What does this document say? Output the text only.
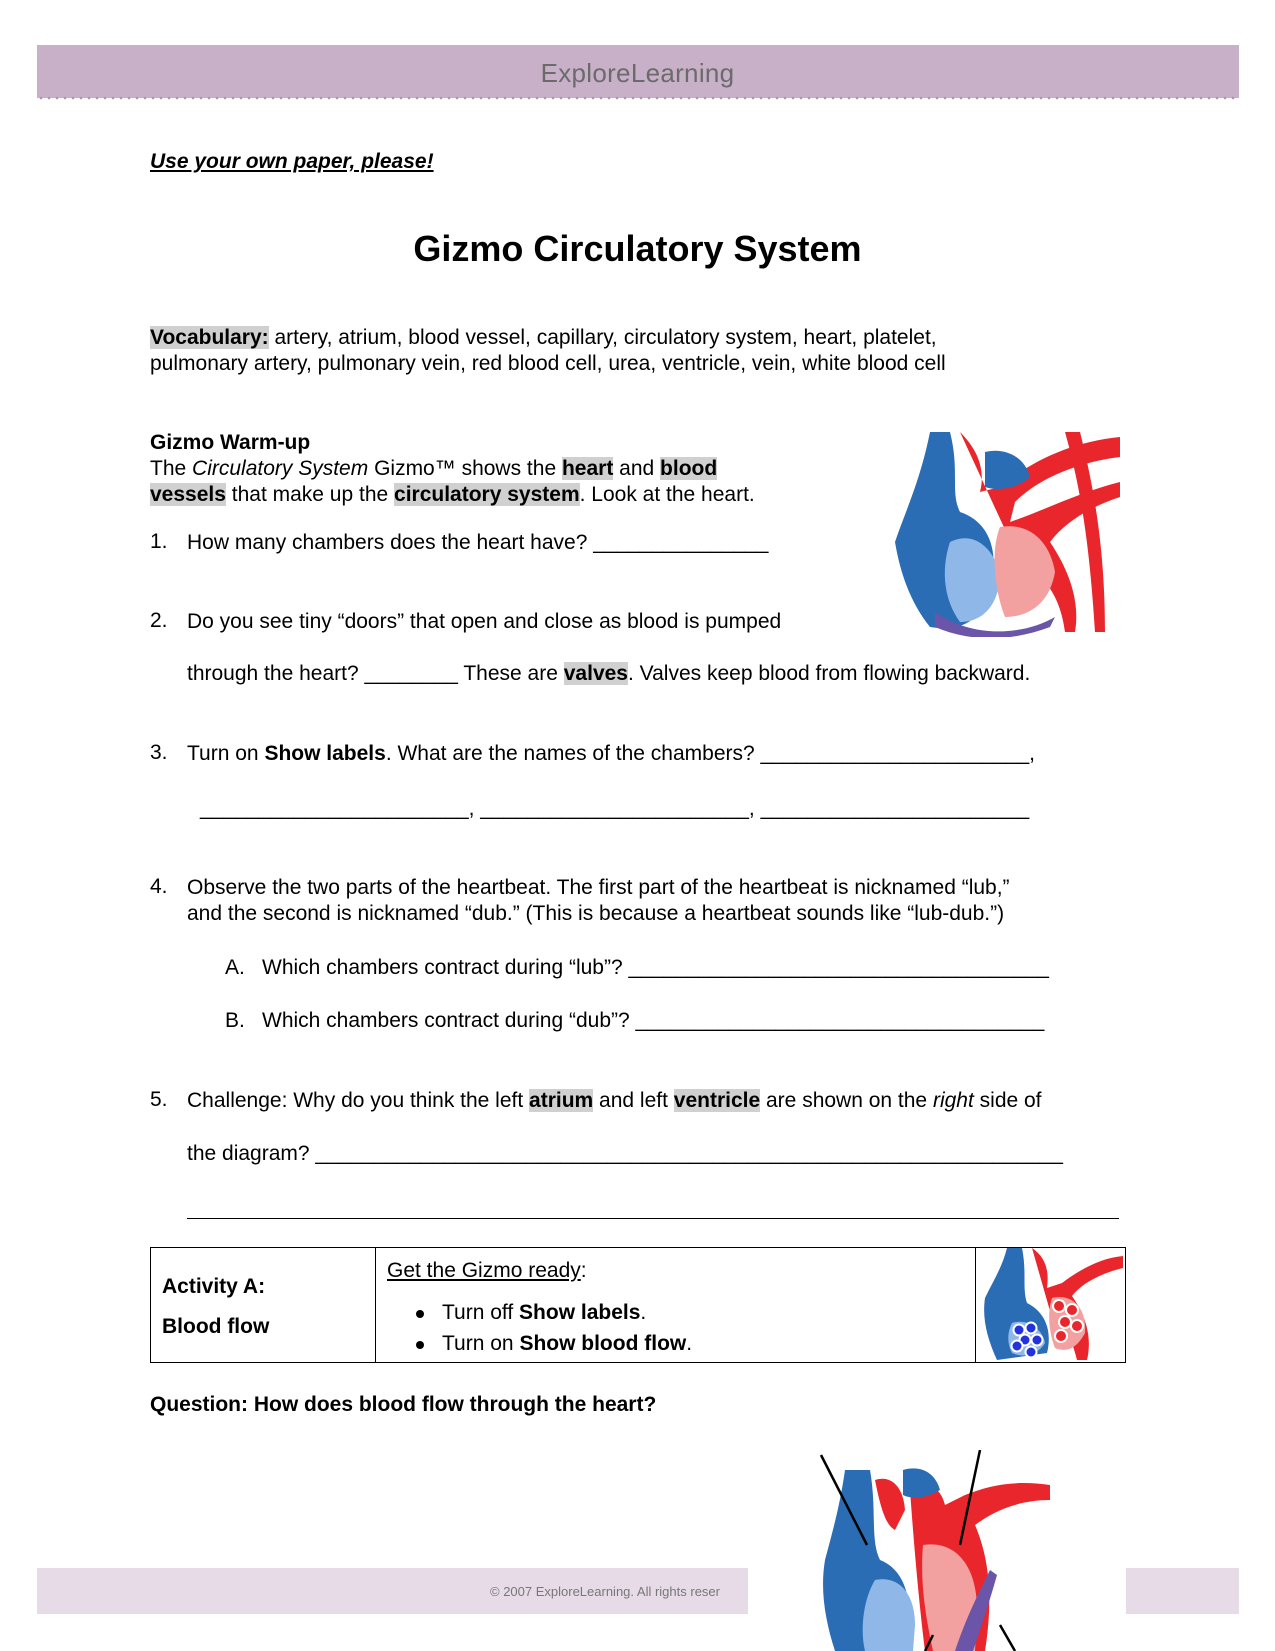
ExploreLearning
Use your own paper, please!
Gizmo Circulatory System
Vocabulary: artery, atrium, blood vessel, capillary, circulatory system, heart, platelet,
pulmonary artery, pulmonary vein, red blood cell, urea, ventricle, vein, white blood cell
Gizmo Warm-up
The Circulatory System Gizmo™ shows the heart and blood
vessels that make up the circulatory system. Look at the heart.
1. How many chambers does the heart have? _______________
2. Do you see tiny “doors” that open and close as blood is pumped
through the heart? ________ These are valves. Valves keep blood from flowing backward.
3. Turn on Show labels. What are the names of the chambers? _______________________,
_______________________, _______________________, _______________________
4. Observe the two parts of the heartbeat. The first part of the heartbeat is nicknamed “lub,”
and the second is nicknamed “dub.” (This is because a heartbeat sounds like “lub-dub.”)
A. Which chambers contract during “lub”? ____________________________________
B. Which chambers contract during “dub”? ___________________________________
5. Challenge: Why do you think the left atrium and left ventricle are shown on the right side of
the diagram? ________________________________________________________________
Activity A:
Blood flow
Get the Gizmo ready:
Turn off Show labels.
Turn on Show blood flow.
Question: How does blood flow through the heart?
© 2007 ExploreLearning. All rights reser
